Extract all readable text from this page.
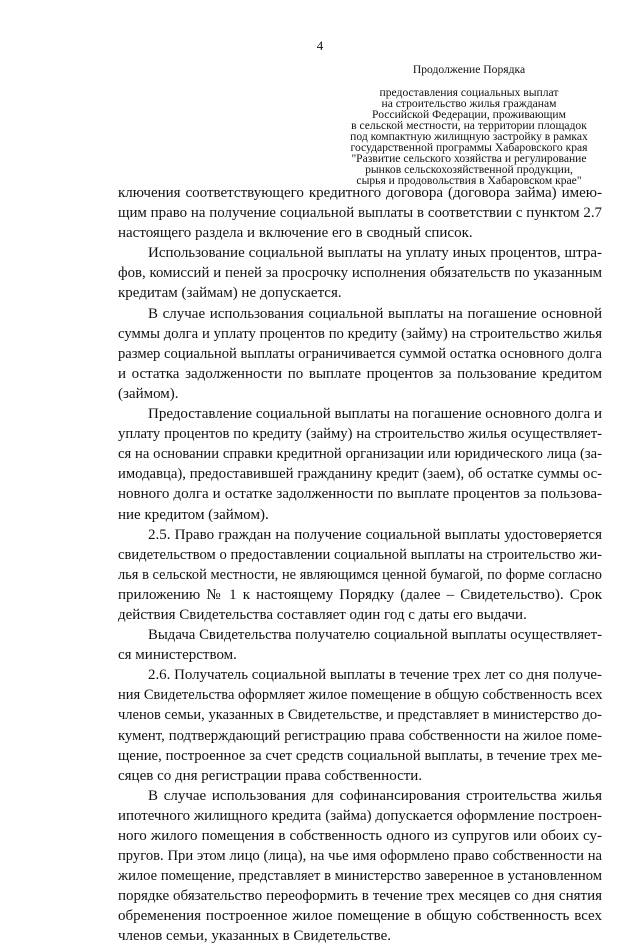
4
Продолжение Порядка
предоставления социальных выплат
на строительство жилья гражданам
Российской Федерации, проживающим
в сельской местности, на территории площадок
под компактную жилищную застройку в рамках
государственной программы Хабаровского края
"Развитие сельского хозяйства и регулирование
рынков сельскохозяйственной продукции,
сырья и продовольствия в Хабаровском крае"

ключения соответствующего кредитного договора (договора займа) имею-
щим право на получение социальной выплаты в соответствии с пунктом 2.7
настоящего раздела и включение его в сводный список.

Использование социальной выплаты на уплату иных процентов, штра-
фов, комиссий и пеней за просрочку исполнения обязательств по указанным
кредитам (займам) не допускается.

В случае использования социальной выплаты на погашение основной
суммы долга и уплату процентов по кредиту (займу) на строительство жилья
размер социальной выплаты ограничивается суммой остатка основного долга
и остатка задолженности по выплате процентов за пользование кредитом
(займом).

Предоставление социальной выплаты на погашение основного долга и
уплату процентов по кредиту (займу) на строительство жилья осуществляет-
ся на основании справки кредитной организации или юридического лица (за-
имодавца), предоставившей гражданину кредит (заем), об остатке суммы ос-
новного долга и остатке задолженности по выплате процентов за пользова-
ние кредитом (займом).

2.5. Право граждан на получение социальной выплаты удостоверяется
свидетельством о предоставлении социальной выплаты на строительство жи-
лья в сельской местности, не являющимся ценной бумагой, по форме согласно
приложению № 1 к настоящему Порядку (далее – Свидетельство). Срок
действия Свидетельства составляет один год с даты его выдачи.

Выдача Свидетельства получателю социальной выплаты осуществляет-
ся министерством.

2.6. Получатель социальной выплаты в течение трех лет со дня получе-
ния Свидетельства оформляет жилое помещение в общую собственность всех
членов семьи, указанных в Свидетельстве, и представляет в министерство до-
кумент, подтверждающий регистрацию права собственности на жилое поме-
щение, построенное за счет средств социальной выплаты, в течение трех ме-
сяцев со дня регистрации права собственности.

В случае использования для софинансирования строительства жилья
ипотечного жилищного кредита (займа) допускается оформление построен-
ного жилого помещения в собственность одного из супругов или обоих су-
пругов. При этом лицо (лица), на чье имя оформлено право собственности на
жилое помещение, представляет в министерство заверенное в установленном
порядке обязательство переоформить в течение трех месяцев со дня снятия
обременения построенное жилое помещение в общую собственность всех
членов семьи, указанных в Свидетельстве.
